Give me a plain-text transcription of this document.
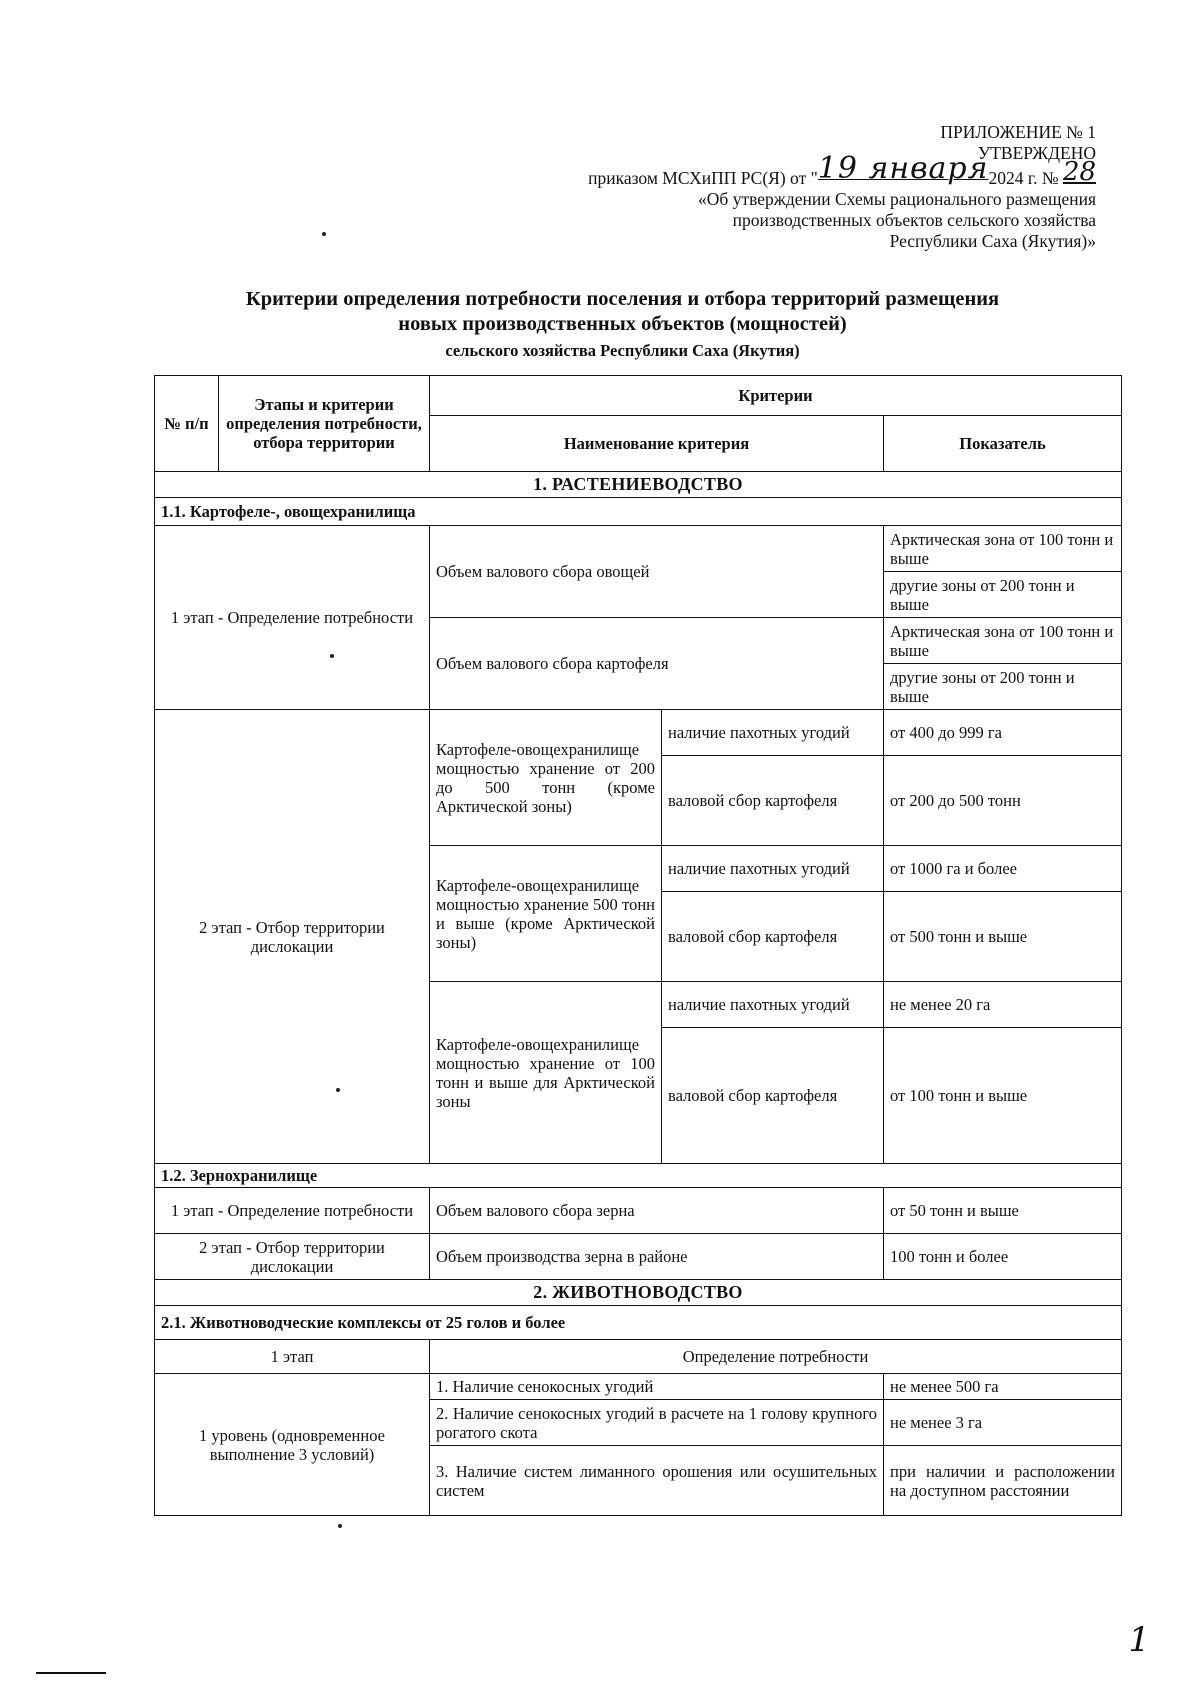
ПРИЛОЖЕНИЕ № 1
УТВЕРЖДЕНО
приказом МСХиПП РС(Я) от "19 января2024 г. № 28
«Об утверждении Схемы рационального размещения
производственных объектов сельского хозяйства
Республики Саха (Якутия)»
Критерии определения потребности поселения и отбора территорий размещения
новых производственных объектов (мощностей)
сельского хозяйства Республики Саха (Якутия)
№ п/п	Этапы и критерии определения потребности, отбора территории	Критерии		
		Наименование критерия		Показатель
1. РАСТЕНИЕВОДСТВО				
1.1. Картофеле-, овощехранилища				
1 этап - Определение потребности		Объем валового сбора овощей		Арктическая зона от 100 тонн и выше
				другие зоны от 200 тонн и выше
		Объем валового сбора картофеля		Арктическая зона от 100 тонн и выше
				другие зоны от 200 тонн и выше
2 этап - Отбор территории дислокации		Картофеле-овощехранилище мощностью хранение от 200 до 500 тонн (кроме Арктической зоны)	наличие пахотных угодий	от 400 до 999 га
			валовой сбор картофеля	от 200 до 500 тонн
		Картофеле-овощехранилище мощностью хранение 500 тонн и выше (кроме Арктической зоны)	наличие пахотных угодий	от 1000 га и более
			валовой сбор картофеля	от 500 тонн и выше
		Картофеле-овощехранилище мощностью хранение от 100 тонн и выше для Арктической зоны	наличие пахотных угодий	не менее 20 га
			валовой сбор картофеля	от 100 тонн и выше
1.2. Зернохранилище				
1 этап - Определение потребности		Объем валового сбора зерна		от 50 тонн и выше
2 этап - Отбор территории дислокации		Объем производства зерна в районе		100 тонн и более
2. ЖИВОТНОВОДСТВО				
2.1. Животноводческие комплексы от 25 голов и более				
1 этап		Определение потребности		
1 уровень (одновременное выполнение 3 условий)		1. Наличие сенокосных угодий		не менее 500 га
		2. Наличие сенокосных угодий в расчете на 1 голову крупного рогатого скота		не менее 3 га
		3. Наличие систем лиманного орошения или осушительных систем		при наличии и расположении на доступном расстоянии
1
